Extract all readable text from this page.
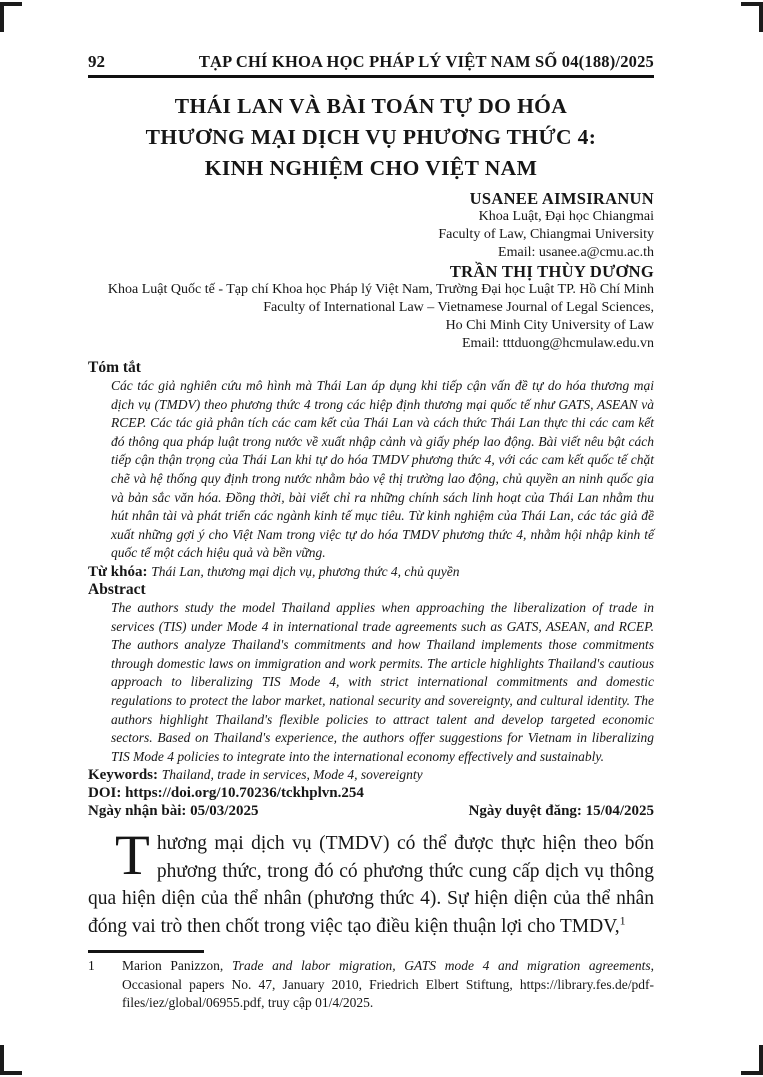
92	TẠP CHÍ KHOA HỌC PHÁP LÝ VIỆT NAM SỐ 04(188)/2025
THÁI LAN VÀ BÀI TOÁN TỰ DO HÓA
THƯƠNG MẠI DỊCH VỤ PHƯƠNG THỨC 4:
KINH NGHIỆM CHO VIỆT NAM
USANEE AIMSIRANUN
Khoa Luật, Đại học Chiangmai
Faculty of Law, Chiangmai University
Email: usanee.a@cmu.ac.th
TRẦN THỊ THÙY DƯƠNG
Khoa Luật Quốc tế - Tạp chí Khoa học Pháp lý Việt Nam, Trường Đại học Luật TP. Hồ Chí Minh
Faculty of International Law – Vietnamese Journal of Legal Sciences,
Ho Chi Minh City University of Law
Email: tttduong@hcmulaw.edu.vn
Tóm tắt

Các tác giả nghiên cứu mô hình mà Thái Lan áp dụng khi tiếp cận vấn đề tự do hóa thương mại dịch vụ (TMDV) theo phương thức 4 trong các hiệp định thương mại quốc tế như GATS, ASEAN và RCEP. Các tác giả phân tích các cam kết của Thái Lan và cách thức Thái Lan thực thi các cam kết đó thông qua pháp luật trong nước về xuất nhập cảnh và giấy phép lao động. Bài viết nêu bật cách tiếp cận thận trọng của Thái Lan khi tự do hóa TMDV phương thức 4, với các cam kết quốc tế chặt chẽ và hệ thống quy định trong nước nhằm bảo vệ thị trường lao động, chủ quyền an ninh quốc gia và bản sắc văn hóa. Đồng thời, bài viết chỉ ra những chính sách linh hoạt của Thái Lan nhằm thu hút nhân tài và phát triển các ngành kinh tế mục tiêu. Từ kinh nghiệm của Thái Lan, các tác giả đề xuất những gợi ý cho Việt Nam trong việc tự do hóa TMDV phương thức 4, nhằm hội nhập kinh tế quốc tế một cách hiệu quả và bền vững.

Từ khóa: Thái Lan, thương mại dịch vụ, phương thức 4, chủ quyền
Abstract

The authors study the model Thailand applies when approaching the liberalization of trade in services (TIS) under Mode 4 in international trade agreements such as GATS, ASEAN, and RCEP. The authors analyze Thailand's commitments and how Thailand implements those commitments through domestic laws on immigration and work permits. The article highlights Thailand's cautious approach to liberalizing TIS Mode 4, with strict international commitments and domestic regulations to protect the labor market, national security and sovereignty, and cultural identity. The authors highlight Thailand's flexible policies to attract talent and develop targeted economic sectors. Based on Thailand's experience, the authors offer suggestions for Vietnam in liberalizing TIS Mode 4 policies to integrate into the international economy effectively and sustainably.

Keywords: Thailand, trade in services, Mode 4, sovereignty
DOI: https://doi.org/10.70236/tckhplvn.254
Ngày nhận bài: 05/03/2025	Ngày duyệt đăng: 15/04/2025

Thương mại dịch vụ (TMDV) có thể được thực hiện theo bốn phương thức, trong đó có phương thức cung cấp dịch vụ thông qua hiện diện của thể nhân (phương thức 4). Sự hiện diện của thể nhân đóng vai trò then chốt trong việc tạo điều kiện thuận lợi cho TMDV,$^1$

1	Marion Panizzon, Trade and labor migration, GATS mode 4 and migration agreements, Occasional papers No. 47, January 2010, Friedrich Elbert Stiftung, https://library.fes.de/pdf-files/iez/global/06955.pdf, truy cập 01/4/2025.
